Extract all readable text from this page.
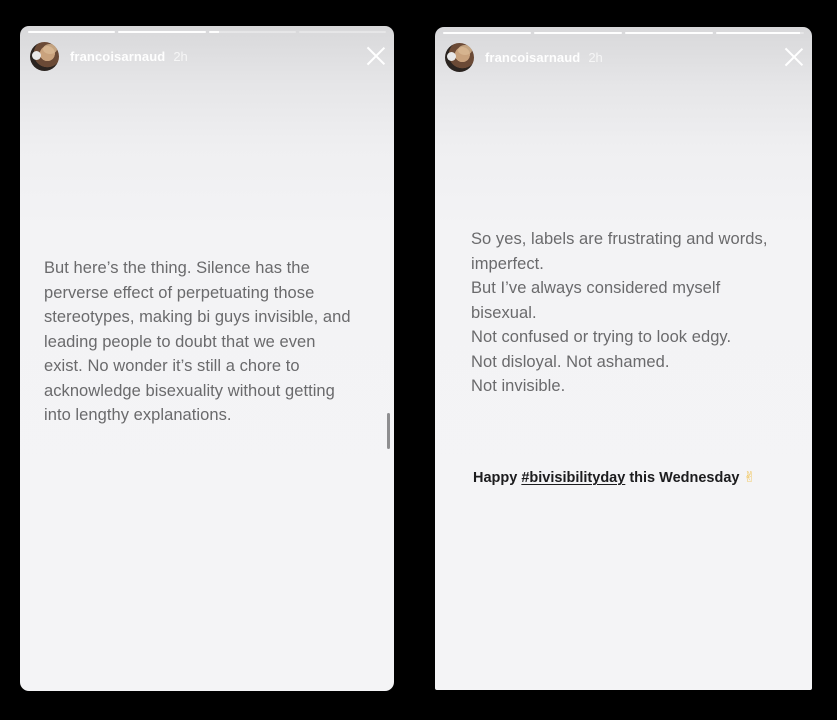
francoisarnaud 2h
But here’s the thing. Silence has the
perverse effect of perpetuating those
stereotypes, making bi guys invisible, and
leading people to doubt that we even
exist. No wonder it’s still a chore to
acknowledge bisexuality without getting
into lengthy explanations.
francoisarnaud 2h
So yes, labels are frustrating and words,
imperfect.
But I’ve always considered myself
bisexual.
Not confused or trying to look edgy.
Not disloyal. Not ashamed.
Not invisible.
Happy #bivisibilityday this Wednesday ✌
